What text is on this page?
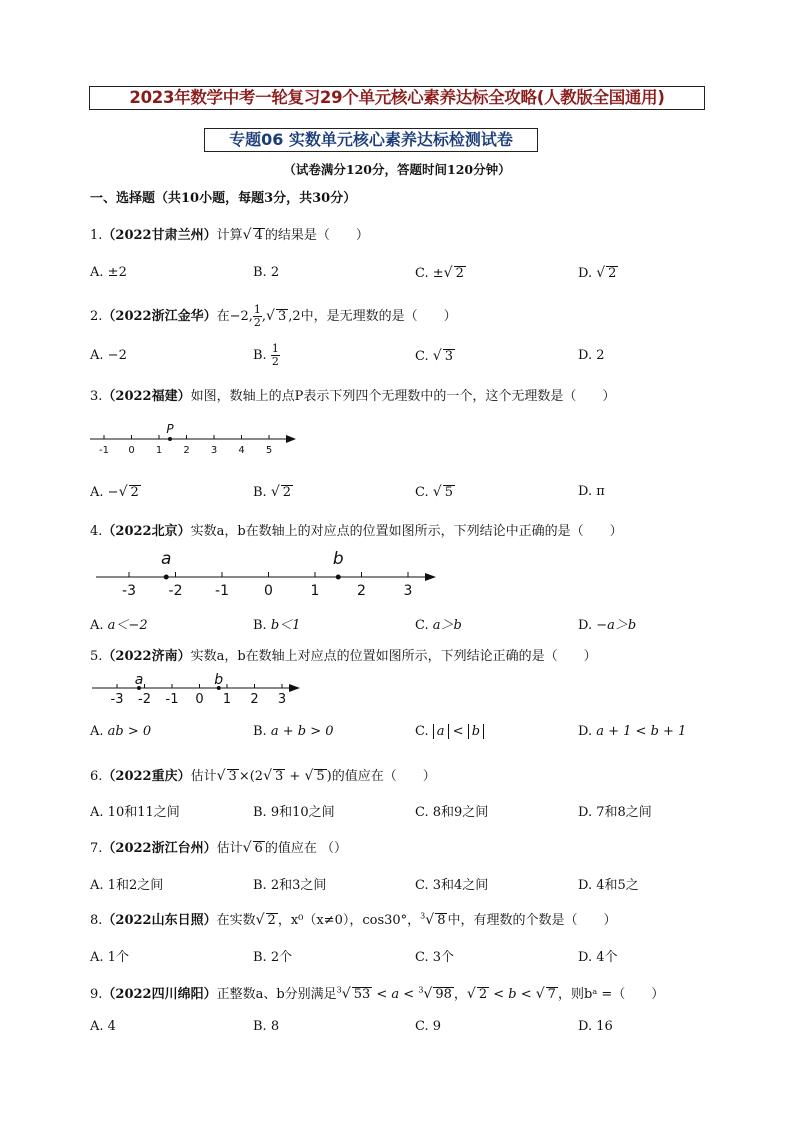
2023年数学中考一轮复习29个单元核心素养达标全攻略(人教版全国通用)
专题06 实数单元核心素养达标检测试卷
（试卷满分120分，答题时间120分钟）
一、选择题（共10小题，每题3分，共30分）
1.（2022甘肃兰州）计算√ 4 的结果是（　　）
A. ±2	B. 2	C. ±√ 2	D. √ 2
2.（2022浙江金华）在−2, $\frac{1}{2}$ ,√ 3 ,2中，是无理数的是（　　）
A. −2	B. $\frac{1}{2}$	C. √ 3	D. 2
3.（2022福建）如图，数轴上的点P表示下列四个无理数中的一个，这个无理数是（　　）
-1 0 1 2 3 4 5
P
A. −√ 2	B. √ 2	C. √ 5	D. π
4.（2022北京）实数a，b在数轴上的对应点的位置如图所示，下列结论中正确的是（　　）
-3 -2 -1	0	1	2	3
a	b
A. a＜−2	B. b＜1	C. a＞b	D. −a＞b
5.（2022济南）实数a，b在数轴上对应点的位置如图所示，下列结论正确的是（　　）
-3 -2 -1 0 1 2 3
a	b
A. ab > 0	B. a + b > 0	C. a < b	D. a + 1 < b + 1
6.（2022重庆）估计√ 3 ×(2√ 3 + √ 5 )的值应在（　　）
A. 10和11之间	B. 9和10之间	C. 8和9之间	D. 7和8之间
7.（2022浙江台州）估计√ 6 的值应在 （）
A. 1和2之间	B. 2和3之间	C. 3和4之间	D. 4和5之
8.（2022山东日照）在实数√ 2 ，x⁰（x≠0），cos30°，$^3$√ 8 中，有理数的个数是（　　）
A. 1个	B. 2个	C. 3个	D. 4个
9.（2022四川绵阳）正整数a、b分别满足$^3$√ 53 < a < $^3$√ 98 ，√ 2 < b < √ 7 ，则bᵃ =（　　）
A. 4	B. 8	C. 9	D. 16
